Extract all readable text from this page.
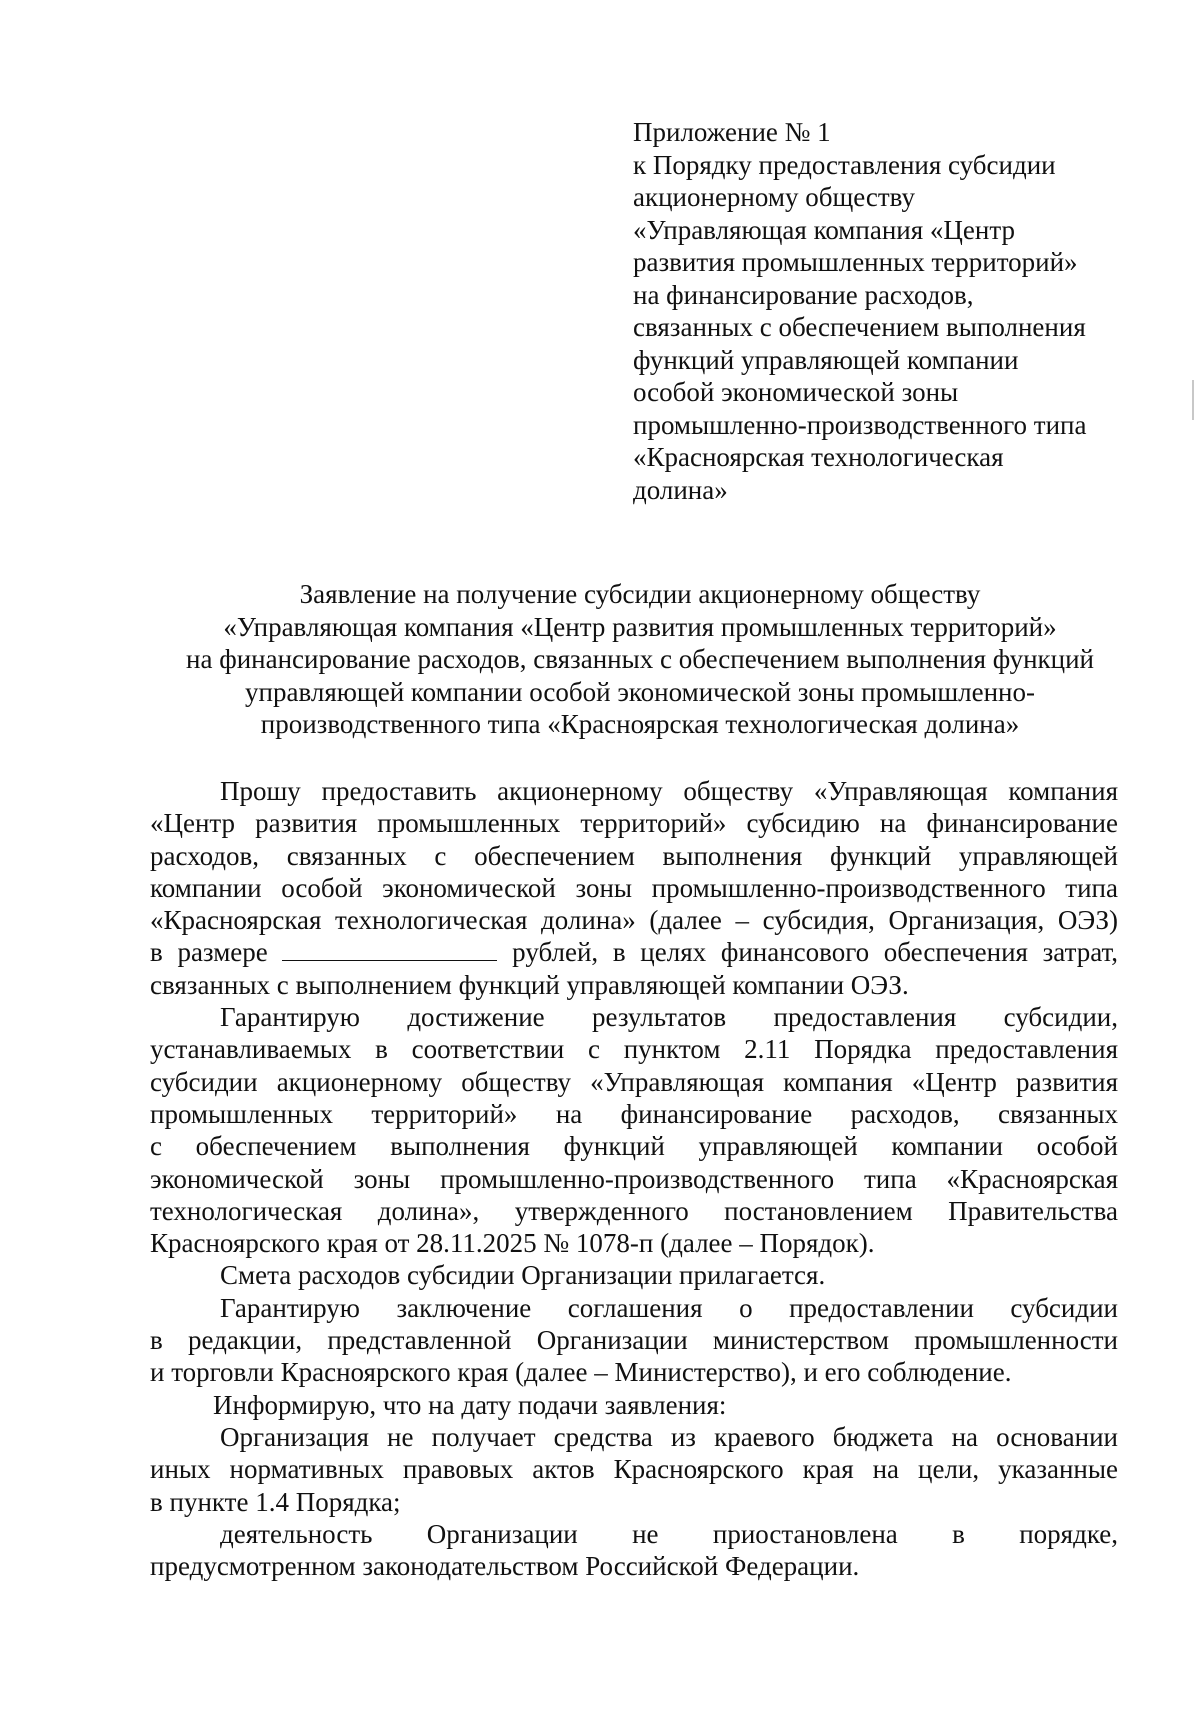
Приложение № 1
к Порядку предоставления субсидии
акционерному обществу
«Управляющая компания «Центр
развития промышленных территорий»
на финансирование расходов,
связанных с обеспечением выполнения
функций управляющей компании
особой экономической зоны
промышленно-производственного типа
«Красноярская технологическая
долина»
Заявление на получение субсидии акционерному обществу
«Управляющая компания «Центр развития промышленных территорий»
на финансирование расходов, связанных с обеспечением выполнения функций
управляющей компании особой экономической зоны промышленно-
производственного типа «Красноярская технологическая долина»
Прошу предоставить акционерному обществу «Управляющая компания
«Центр развития промышленных территорий» субсидию на финансирование
расходов, связанных с обеспечением выполнения функций управляющей
компании особой экономической зоны промышленно-производственного типа
«Красноярская технологическая долина» (далее – субсидия, Организация, ОЭЗ)
в размере	рублей, в целях финансового обеспечения затрат,
связанных с выполнением функций управляющей компании ОЭЗ.
Гарантирую достижение результатов предоставления субсидии,
устанавливаемых в соответствии с пунктом 2.11 Порядка предоставления
субсидии акционерному обществу «Управляющая компания «Центр развития
промышленных территорий» на финансирование расходов, связанных
с обеспечением выполнения функций управляющей компании особой
экономической зоны промышленно-производственного типа «Красноярская
технологическая долина», утвержденного постановлением Правительства
Красноярского края от 28.11.2025 № 1078-п (далее – Порядок).
Смета расходов субсидии Организации прилагается.
Гарантирую заключение соглашения о предоставлении субсидии
в редакции, представленной Организации министерством промышленности
и торговли Красноярского края (далее – Министерство), и его соблюдение.
Информирую, что на дату подачи заявления:
Организация не получает средства из краевого бюджета на основании
иных нормативных правовых актов Красноярского края на цели, указанные
в пункте 1.4 Порядка;
деятельность Организации не приостановлена в порядке,
предусмотренном законодательством Российской Федерации.
